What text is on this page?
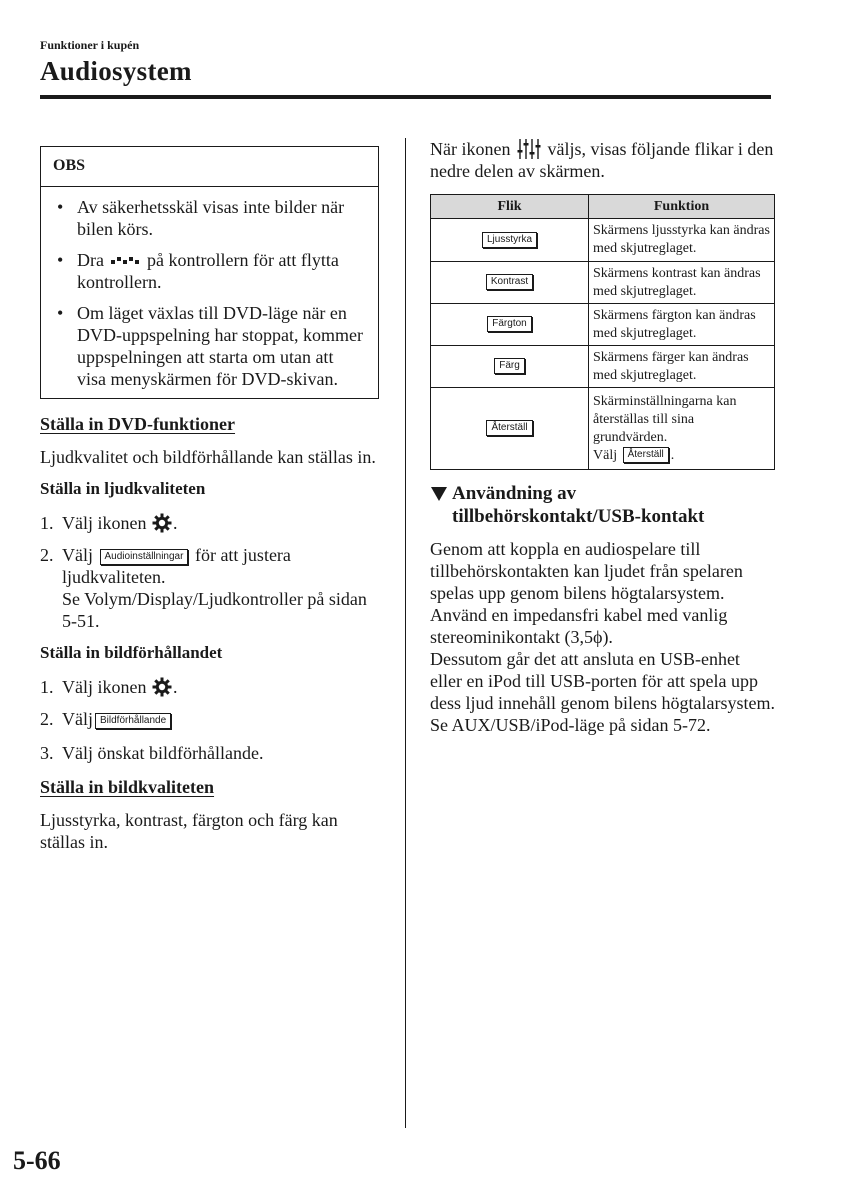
Funktioner i kupén
Audiosystem
OBS
• Av säkerhetsskäl visas inte bilder när bilen körs.
• Dra på kontrollern för att flytta kontrollern.
• Om läget växlas till DVD-läge när en DVD-uppspelning har stoppat, kommer uppspelningen att starta om utan att visa menyskärmen för DVD-skivan.
Ställa in DVD-funktioner
Ljudkvalitet och bildförhållande kan ställas in.
Ställa in ljudkvaliteten
1. Välj ikonen .
2. Välj Audioinställningar för att justera ljudkvaliteten.
Se Volym/Display/Ljudkontroller på sidan 5-51.
Ställa in bildförhållandet
1. Välj ikonen .
2. Välj Bildförhållande
3. Välj önskat bildförhållande.
Ställa in bildkvaliteten
Ljusstyrka, kontrast, färgton och färg kan ställas in.
När ikonen väljs, visas följande flikar i den nedre delen av skärmen.
Flik	Funktion
Ljusstyrka	Skärmens ljusstyrka kan ändras med skjutreglaget.
Kontrast	Skärmens kontrast kan ändras med skjutreglaget.
Färgton	Skärmens färgton kan ändras med skjutreglaget.
Färg	Skärmens färger kan ändras med skjutreglaget.
Återställ	Skärminställningarna kan återställas till sina grundvärden.
Välj Återställ .
Användning av
tillbehörskontakt/USB-kontakt
Genom att koppla en audiospelare till tillbehörskontakten kan ljudet från spelaren spelas upp genom bilens högtalarsystem.
Använd en impedansfri kabel med vanlig stereominikontakt (3,5ϕ).
Dessutom går det att ansluta en USB-enhet eller en iPod till USB-porten för att spela upp dess ljud innehåll genom bilens högtalarsystem.
Se AUX/USB/iPod-läge på sidan 5-72.
5-66
